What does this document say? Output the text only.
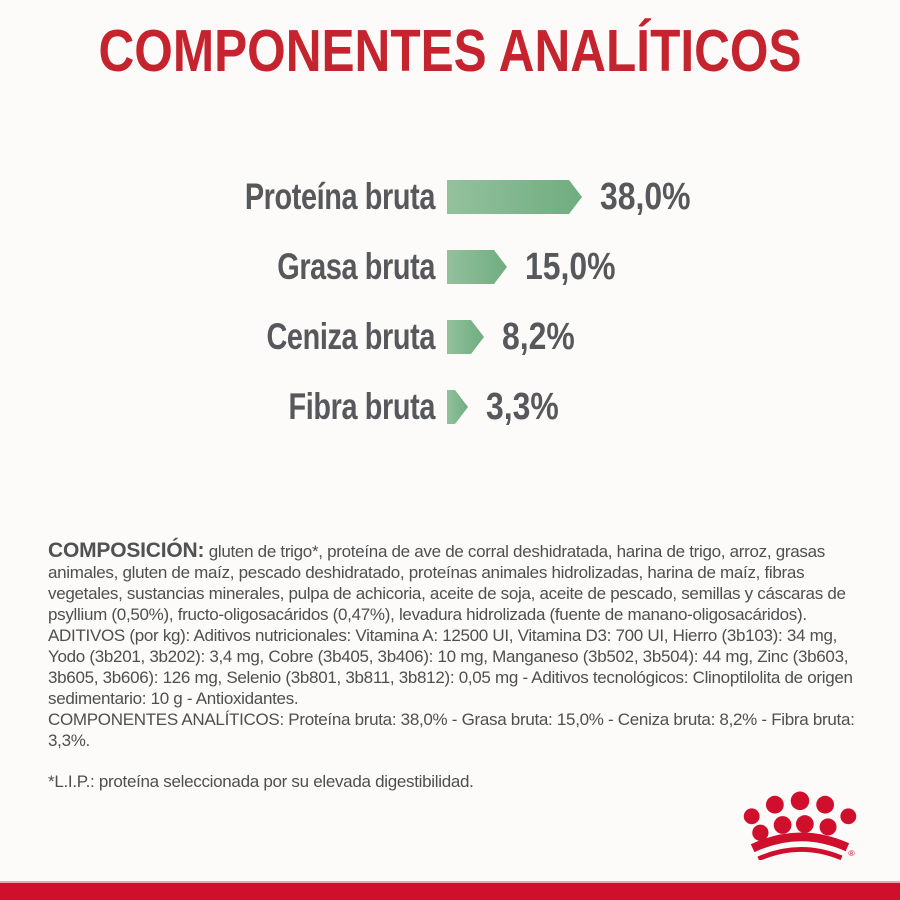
COMPONENTES ANALÍTICOS
Proteína bruta	38,0%
Grasa bruta 15,0%
Ceniza bruta 8,2%
Fibra bruta 3,3%

COMPOSICIÓN: gluten de trigo*, proteína de ave de corral deshidratada, harina de trigo, arroz, grasas animales, gluten de maíz, pescado deshidratado, proteínas animales hidrolizadas, harina de maíz, fibras vegetales, sustancias minerales, pulpa de achicoria, aceite de soja, aceite de pescado, semillas y cáscaras de psyllium (0,50%), fructo-oligosacáridos (0,47%), levadura hidrolizada (fuente de manano-oligosacáridos).

ADITIVOS (por kg): Aditivos nutricionales: Vitamina A: 12500 UI, Vitamina D3: 700 UI, Hierro (3b103): 34 mg, Yodo (3b201, 3b202): 3,4 mg, Cobre (3b405, 3b406): 10 mg, Manganeso (3b502, 3b504): 44 mg, Zinc (3b603, 3b605, 3b606): 126 mg, Selenio (3b801, 3b811, 3b812): 0,05 mg - Aditivos tecnológicos: Clinoptilolita de origen sedimentario: 10 g - Antioxidantes.

COMPONENTES ANALÍTICOS: Proteína bruta: 38,0% - Grasa bruta: 15,0% - Ceniza bruta: 8,2% - Fibra bruta: 3,3%.

*L.I.P.: proteína seleccionada por su elevada digestibilidad.

®
